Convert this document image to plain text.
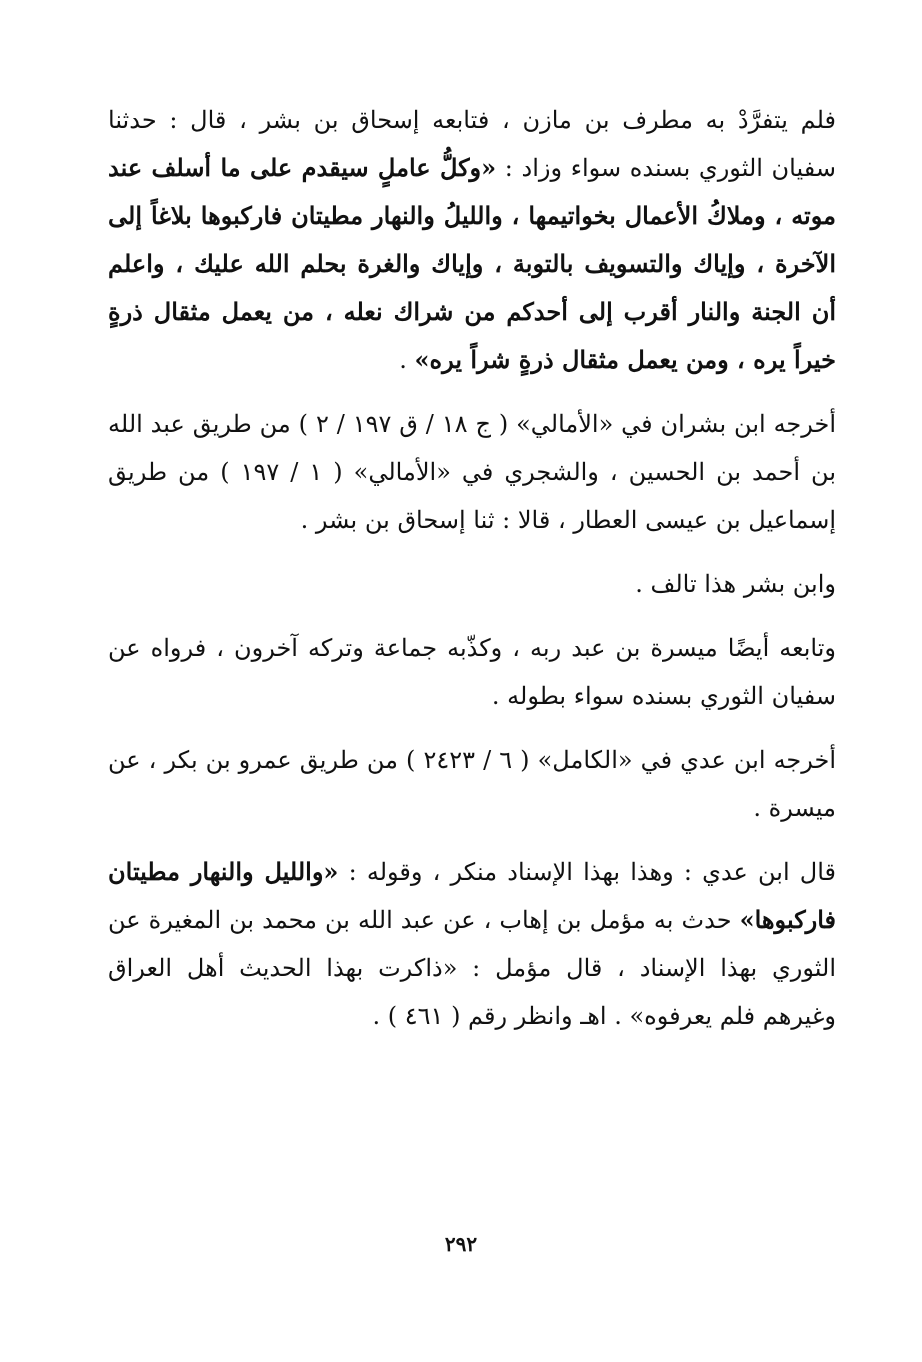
فلم يتفرَّدْ به مطرف بن مازن ، فتابعه إسحاق بن بشر ، قال : حدثنا سفيان الثوري بسنده سواء وزاد : «وكلُّ عاملٍ سيقدم على ما أسلف عند موته ، وملاكُ الأعمال بخواتيمها ، والليلُ والنهار مطيتان فاركبوها بلاغاً إلى الآخرة ، وإياك والتسويف بالتوبة ، وإياك والغرة بحلم الله عليك ، واعلم أن الجنة والنار أقرب إلى أحدكم من شراك نعله ، من يعمل مثقال ذرةٍ خيراً يره ، ومن يعمل مثقال ذرةٍ شراً يره» .

أخرجه ابن بشران في «الأمالي» ( ج ١٨ / ق ١٩٧ / ٢ ) من طريق عبد الله بن أحمد بن الحسين ، والشجري في «الأمالي» ( ١ / ١٩٧ ) من طريق إسماعيل بن عيسى العطار ، قالا : ثنا إسحاق بن بشر .

وابن بشر هذا تالف .

وتابعه أيضًا ميسرة بن عبد ربه ، وكذّبه جماعة وتركه آخرون ، فرواه عن سفيان الثوري بسنده سواء بطوله .

أخرجه ابن عدي في «الكامل» ( ٦ / ٢٤٢٣ ) من طريق عمرو بن بكر ، عن ميسرة .

قال ابن عدي : وهذا بهذا الإسناد منكر ، وقوله : «والليل والنهار مطيتان فاركبوها» حدث به مؤمل بن إهاب ، عن عبد الله بن محمد بن المغيرة عن الثوري بهذا الإسناد ، قال مؤمل : «ذاكرت بهذا الحديث أهل العراق وغيرهم فلم يعرفوه» . اهـ وانظر رقم ( ٤٦١ ) .

٢٩٢
